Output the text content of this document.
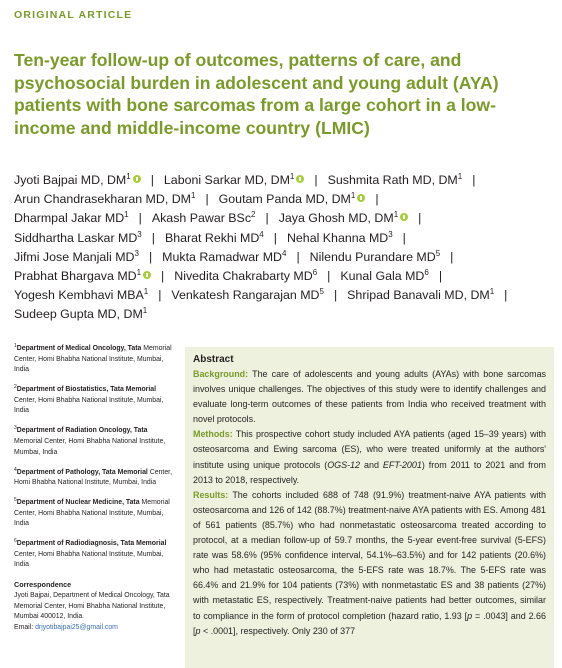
ORIGINAL ARTICLE
Ten-year follow-up of outcomes, patterns of care, and psychosocial burden in adolescent and young adult (AYA) patients with bone sarcomas from a large cohort in a low-income and middle-income country (LMIC)
Jyoti Bajpai MD, $DM^1$ | Laboni Sarkar MD, $DM^1$ | Sushmita Rath MD, $DM^1$ |
Arun Chandrasekharan MD, $DM^1$ | Goutam Panda MD, $DM^1$ |
Dharmpal Jakar $MD^1$ | Akash Pawar BSc$^2$ | Jaya Ghosh MD, $DM^1$ |
Siddhartha Laskar $MD^3$ | Bharat Rekhi $MD^4$ | Nehal Khanna $MD^3$ |
Jifmi Jose Manjali $MD^3$ | Mukta Ramadwar $MD^4$ | Nilendu Purandare $MD^5$ |
Prabhat Bhargava $MD^1$ | Nivedita Chakrabarty $MD^6$ | Kunal Gala $MD^6$ |
Yogesh Kembhavi MBA$^1$ | Venkatesh Rangarajan $MD^5$ | Shripad Banavali MD, $DM^1$ |
Sudeep Gupta MD, $DM^1$
$^1$Department of Medical Oncology, Tata Memorial Center, Homi Bhabha National Institute, Mumbai, India
$^2$Department of Biostatistics, Tata Memorial Center, Homi Bhabha National Institute, Mumbai, India
$^3$Department of Radiation Oncology, Tata Memorial Center, Homi Bhabha National Institute, Mumbai, India
$^4$Department of Pathology, Tata Memorial Center, Homi Bhabha National Institute, Mumbai, India
$^5$Department of Nuclear Medicine, Tata Memorial Center, Homi Bhabha National Institute, Mumbai, India
$^6$Department of Radiodiagnosis, Tata Memorial Center, Homi Bhabha National Institute, Mumbai, India
Correspondence
Jyoti Bajpai, Department of Medical Oncology, Tata Memorial Center, Homi Bhabha National Institute, Mumbai 400012, India.
Email: drjyotibajpai25@gmail.com
Abstract

Background: The care of adolescents and young adults (AYAs) with bone sarcomas involves unique challenges. The objectives of this study were to identify challenges and evaluate long-term outcomes of these patients from India who received treatment with novel protocols.

Methods: This prospective cohort study included AYA patients (aged 15–39 years) with osteosarcoma and Ewing sarcoma (ES), who were treated uniformly at the authors' institute using unique protocols (OGS-12 and EFT-2001) from 2011 to 2021 and from 2013 to 2018, respectively.

Results: The cohorts included 688 of 748 (91.9%) treatment-naive AYA patients with osteosarcoma and 126 of 142 (88.7%) treatment-naive AYA patients with ES. Among 481 of 561 patients (85.7%) who had nonmetastatic osteosarcoma treated according to protocol, at a median follow-up of 59.7 months, the 5-year event-free survival (5-EFS) rate was 58.6% (95% confidence interval, 54.1%–63.5%) and for 142 patients (20.6%) who had metastatic osteosarcoma, the 5-EFS rate was 18.7%. The 5-EFS rate was 66.4% and 21.9% for 104 patients (73%) with nonmetastatic ES and 38 patients (27%) with metastatic ES, respectively. Treatment-naive patients had better outcomes, similar to compliance in the form of protocol completion (hazard ratio, 1.93 [p = .0043] and 2.66 [p < .0001], respectively. Only 230 of 377
